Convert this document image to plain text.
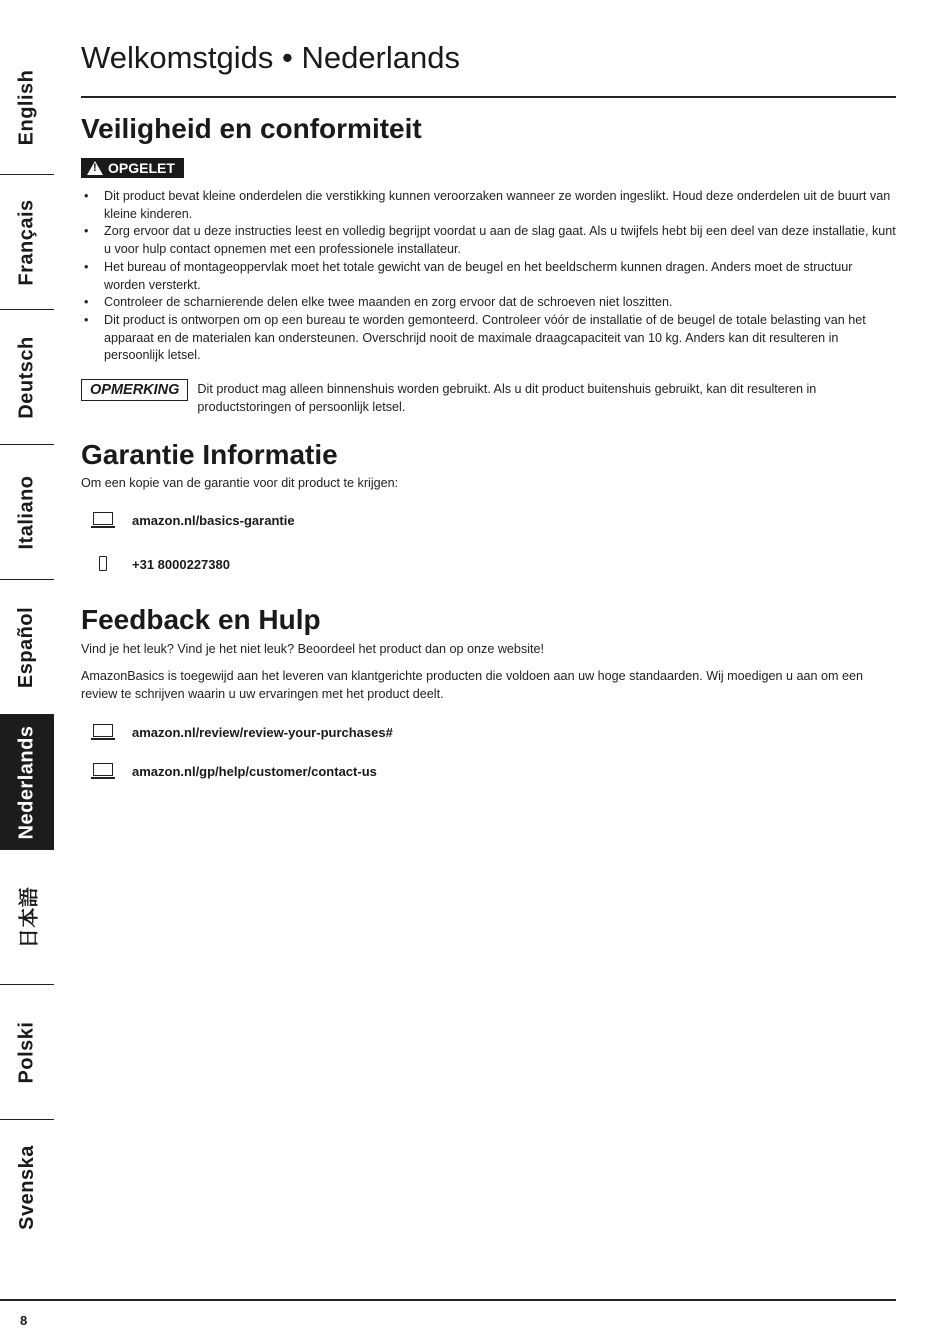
English
Français
Deutsch
Italiano
Español
Nederlands
日本語
Polski
Svenska
Welkomstgids • Nederlands
Veiligheid en conformiteit
!
OPGELET
• Dit product bevat kleine onderdelen die verstikking kunnen veroorzaken wanneer ze worden ingeslikt. Houd deze onderdelen uit de buurt van kleine kinderen.
• Zorg ervoor dat u deze instructies leest en volledig begrijpt voordat u aan de slag gaat. Als u twijfels hebt bij een deel van deze installatie, kunt u voor hulp contact opnemen met een professionele installateur.
• Het bureau of montageoppervlak moet het totale gewicht van de beugel en het beeldscherm kunnen dragen. Anders moet de structuur worden versterkt.
• Controleer de scharnierende delen elke twee maanden en zorg ervoor dat de schroeven niet loszitten.
• Dit product is ontworpen om op een bureau te worden gemonteerd. Controleer vóór de installatie of de beugel de totale belasting van het apparaat en de materialen kan ondersteunen. Overschrijd nooit de maximale draagcapaciteit van 10 kg. Anders kan dit resulteren in persoonlijk letsel.
OPMERKING	Dit product mag alleen binnenshuis worden gebruikt. Als u dit product buitenshuis gebruikt, kan dit resulteren in productstoringen of persoonlijk letsel.
Garantie Informatie

Om een kopie van de garantie voor dit product te krijgen:

amazon.nl/basics-garantie
+31 8000227380
Feedback en Hulp

Vind je het leuk? Vind je het niet leuk? Beoordeel het product dan op onze website!

AmazonBasics is toegewijd aan het leveren van klantgerichte producten die voldoen aan uw hoge standaarden. Wij moedigen u aan om een review te schrijven waarin u uw ervaringen met het product deelt.

amazon.nl/review/review-your-purchases#
amazon.nl/gp/help/customer/contact-us
8
